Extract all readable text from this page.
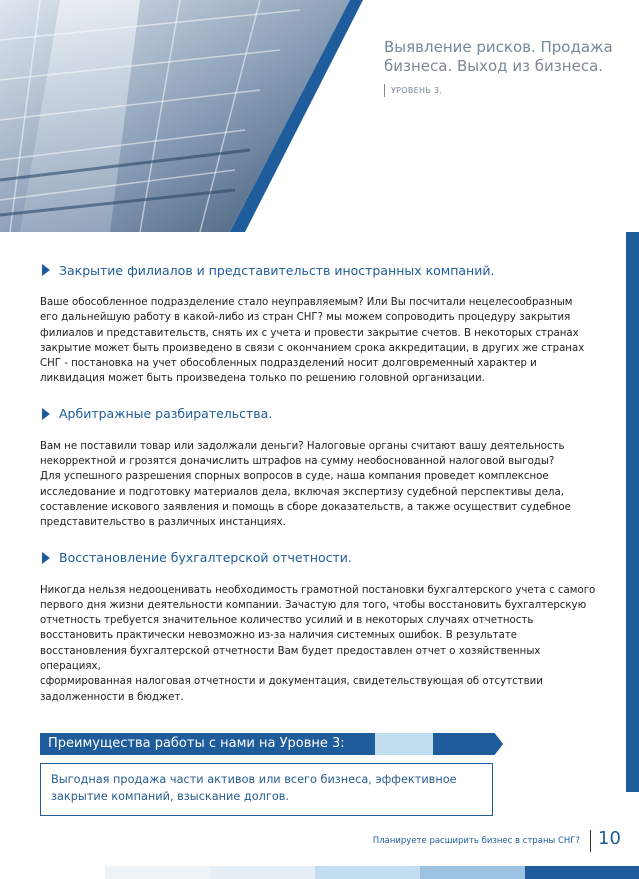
Выявление рисков. Продажа
бизнеса. Выход из бизнеса.
УРОВЕНЬ 3.
Закрытие филиалов и представительств иностранных компаний.
Ваше обособленное подразделение стало неуправляемым? Или Вы посчитали нецелесообразным
его дальнейшую работу в какой-либо из стран СНГ? мы можем сопроводить процедуру закрытия
филиалов и представительств, снять их с учета и провести закрытие счетов. В некоторых странах
закрытие может быть произведено в связи с окончанием срока аккредитации, в других же странах
СНГ - постановка на учет обособленных подразделений носит долговременный характер и
ликвидация может быть произведена только по решению головной организации.
Арбитражные разбирательства.
Вам не поставили товар или задолжали деньги? Налоговые органы считают вашу деятельность
некорректной и грозятся доначислить штрафов на сумму необоснованной налоговой выгоды?
Для успешного разрешения спорных вопросов в суде, наша компания проведет комплексное
исследование и подготовку материалов дела, включая экспертизу судебной перспективы дела,
составление искового заявления и помощь в сборе доказательств, а также осуществит судебное
представительство в различных инстанциях.
Восстановление бухгалтерской отчетности.
Никогда нельзя недооценивать необходимость грамотной постановки бухгалтерского учета с самого
первого дня жизни деятельности компании. Зачастую для того, чтобы восстановить бухгалтерскую
отчетность требуется значительное количество усилий и в некоторых случаях отчетность
восстановить практически невозможно из-за наличия системных ошибок. В результате
восстановления бухгалтерской отчетности Вам будет предоставлен отчет о хозяйственных операциях,
сформированная налоговая отчетности и документация, свидетельствующая об отсутствии
задолженности в бюджет.
Преимущества работы с нами на Уровне 3:
Выгодная продажа части активов или всего бизнеса, эффективное
закрытие компаний, взыскание долгов.
Планируете расширить бизнес в страны СНГ? 10
